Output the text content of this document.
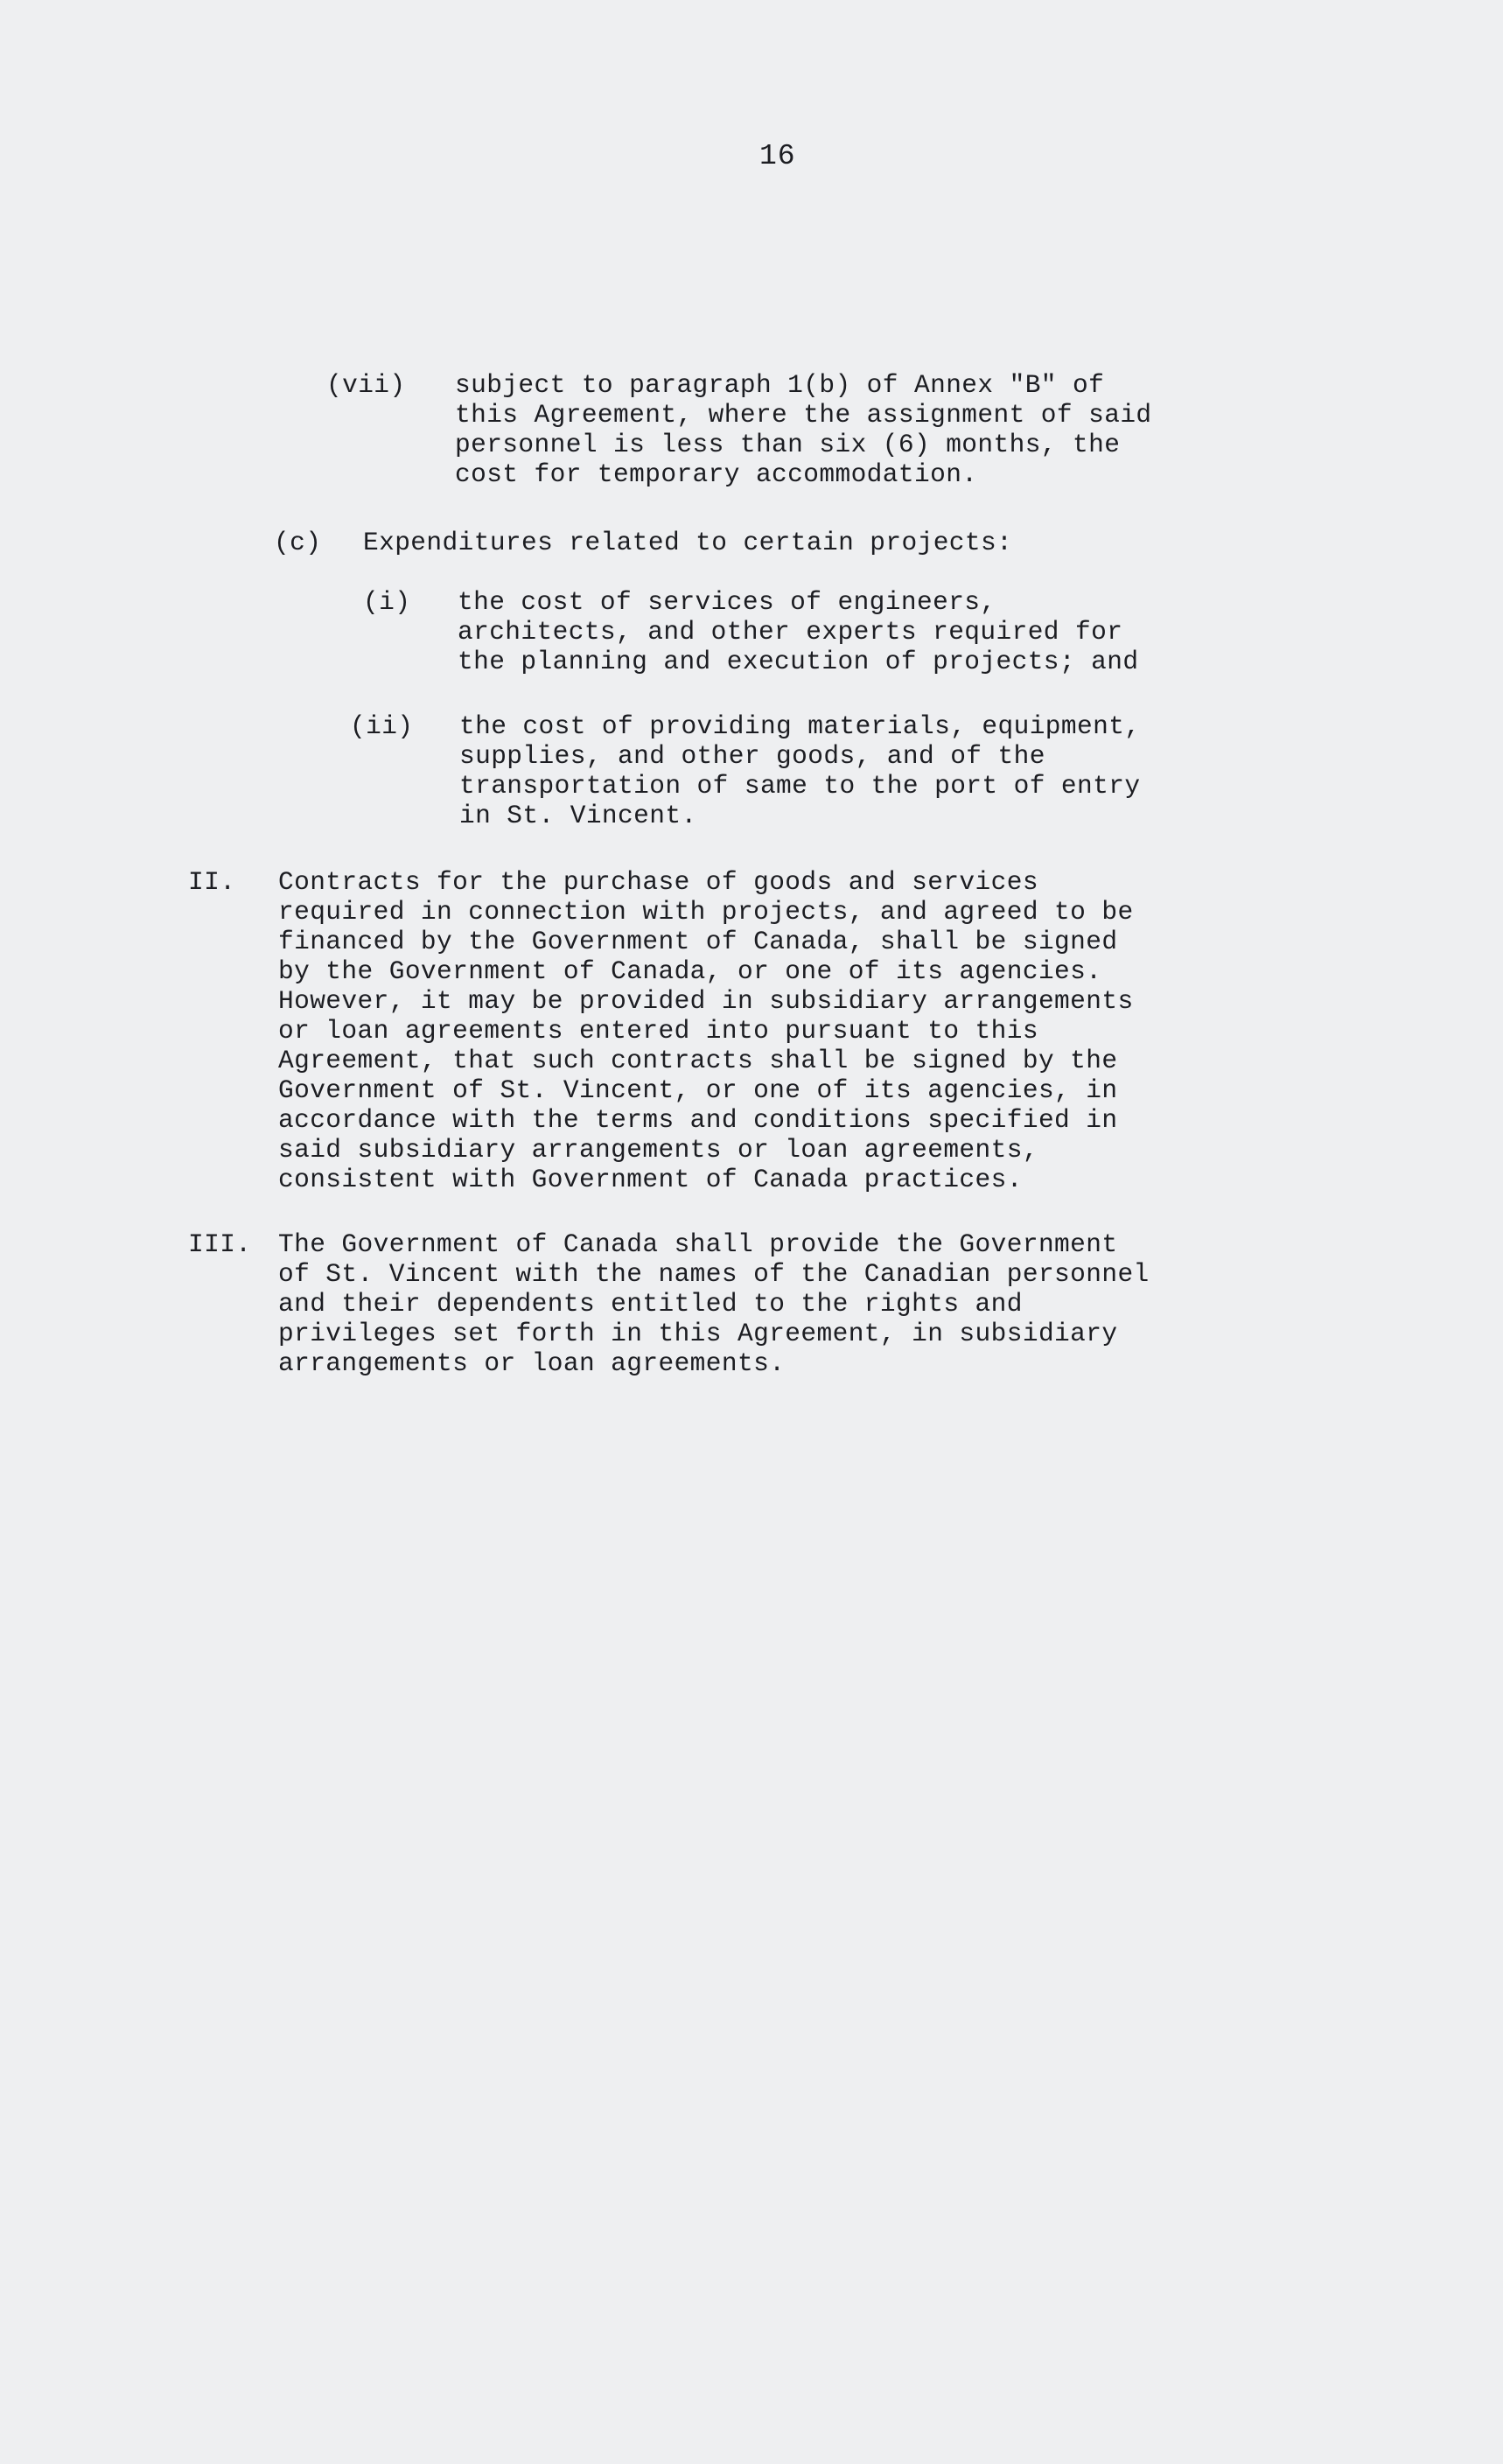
16
(vii) subject to paragraph 1(b) of Annex "B" of
this Agreement, where the assignment of said
personnel is less than six (6) months, the
cost for temporary accommodation.
(c) Expenditures related to certain projects:
(i) the cost of services of engineers,
architects, and other experts required for
the planning and execution of projects; and
(ii) the cost of providing materials, equipment,
supplies, and other goods, and of the
transportation of same to the port of entry
in St. Vincent.
II. Contracts for the purchase of goods and services
required in connection with projects, and agreed to be
financed by the Government of Canada, shall be signed
by the Government of Canada, or one of its agencies.
However, it may be provided in subsidiary arrangements
or loan agreements entered into pursuant to this
Agreement, that such contracts shall be signed by the
Government of St. Vincent, or one of its agencies, in
accordance with the terms and conditions specified in
said subsidiary arrangements or loan agreements,
consistent with Government of Canada practices.
III. The Government of Canada shall provide the Government
of St. Vincent with the names of the Canadian personnel
and their dependents entitled to the rights and
privileges set forth in this Agreement, in subsidiary
arrangements or loan agreements.
